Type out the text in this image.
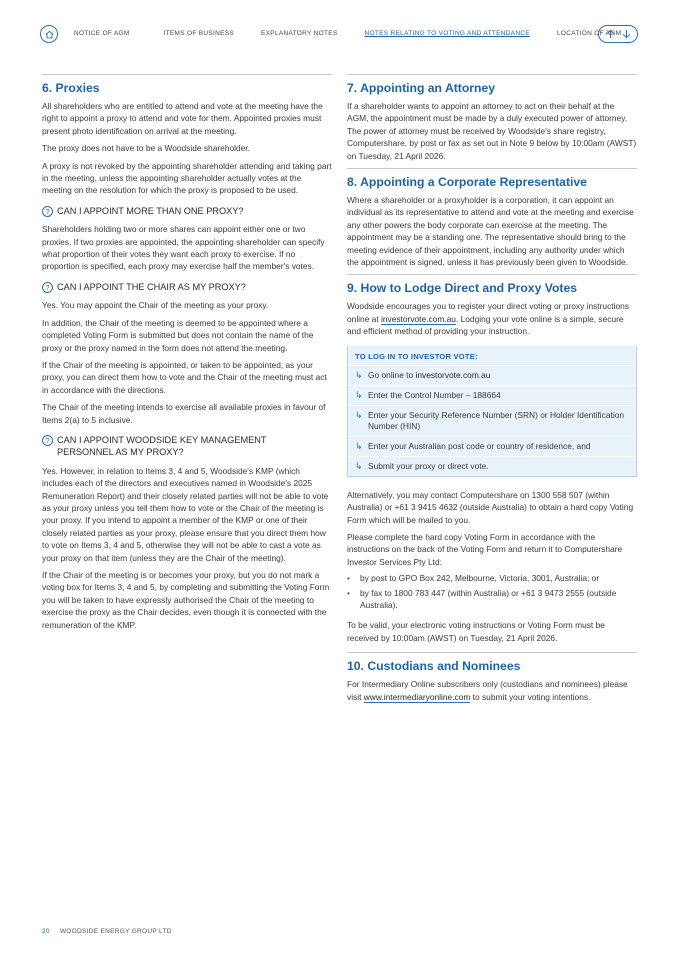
NOTICE OF AGM	ITEMS OF BUSINESS	EXPLANATORY NOTES	NOTES RELATING TO VOTING AND ATTENDANCE	LOCATION OF AGM
6. Proxies

All shareholders who are entitled to attend and vote at the meeting have the right to appoint a proxy to attend and vote for them. Appointed proxies must present photo identification on arrival at the meeting.

The proxy does not have to be a Woodside shareholder.

A proxy is not revoked by the appointing shareholder attending and taking part in the meeting, unless the appointing shareholder actually votes at the meeting on the resolution for which the proxy is proposed to be used.

? CAN I APPOINT MORE THAN ONE PROXY?

Shareholders holding two or more shares can appoint either one or two proxies. If two proxies are appointed, the appointing shareholder can specify what proportion of their votes they want each proxy to exercise. If no proportion is specified, each proxy may exercise half the member's votes.

? CAN I APPOINT THE CHAIR AS MY PROXY?

Yes. You may appoint the Chair of the meeting as your proxy.

In addition, the Chair of the meeting is deemed to be appointed where a completed Voting Form is submitted but does not contain the name of the proxy or the proxy named in the form does not attend the meeting.

If the Chair of the meeting is appointed, or taken to be appointed, as your proxy, you can direct them how to vote and the Chair of the meeting must act in accordance with the directions.

The Chair of the meeting intends to exercise all available proxies in favour of Items 2(a) to 5 inclusive.

? CAN I APPOINT WOODSIDE KEY MANAGEMENT
PERSONNEL AS MY PROXY?

Yes. However, in relation to Items 3, 4 and 5, Woodside's KMP (which includes each of the directors and executives named in Woodside's 2025 Remuneration Report) and their closely related parties will not be able to vote as your proxy unless you tell them how to vote or the Chair of the meeting is your proxy. If you intend to appoint a member of the KMP or one of their closely related parties as your proxy, please ensure that you direct them how to vote on Items 3, 4 and 5, otherwise they will not be able to cast a vote as your proxy on that item (unless they are the Chair of the meeting).

If the Chair of the meeting is or becomes your proxy, but you do not mark a voting box for Items 3, 4 and 5, by completing and submitting the Voting Form you will be taken to have expressly authorised the Chair of the meeting to exercise the proxy as the Chair decides, even though it is connected with the remuneration of the KMP.

7. Appointing an Attorney

If a shareholder wants to appoint an attorney to act on their behalf at the AGM, the appointment must be made by a duly executed power of attorney. The power of attorney must be received by Woodside's share registry, Computershare, by post or fax as set out in Note 9 below by 10:00am (AWST) on Tuesday, 21 April 2026.

8. Appointing a Corporate Representative

Where a shareholder or a proxyholder is a corporation, it can appoint an individual as its representative to attend and vote at the meeting and exercise any other powers the body corporate can exercise at the meeting. The appointment may be a standing one. The representative should bring to the meeting evidence of their appointment, including any authority under which the appointment is signed, unless it has previously been given to Woodside.

9. How to Lodge Direct and Proxy Votes

Woodside encourages you to register your direct voting or proxy instructions online at investorvote.com.au. Lodging your vote online is a simple, secure and efficient method of providing your instruction.

TO LOG IN TO INVESTOR VOTE:
↳ Go online to investorvote.com.au
↳ Enter the Control Number – 188664
↳ Enter your Security Reference Number (SRN) or Holder Identification Number (HIN)
↳ Enter your Australian post code or country of residence, and
↳ Submit your proxy or direct vote.

Alternatively, you may contact Computershare on 1300 558 507 (within Australia) or +61 3 9415 4632 (outside Australia) to obtain a hard copy Voting Form which will be mailed to you.

Please complete the hard copy Voting Form in accordance with the instructions on the back of the Voting Form and return it to Computershare Investor Services Pty Ltd:

•	by post to GPO Box 242, Melbourne, Victoria, 3001, Australia; or
•	by fax to 1800 783 447 (within Australia) or +61 3 9473 2555 (outside Australia).

To be valid, your electronic voting instructions or Voting Form must be received by 10:00am (AWST) on Tuesday, 21 April 2026.

10. Custodians and Nominees

For Intermediary Online subscribers only (custodians and nominees) please visit www.intermediaryonline.com to submit your voting intentions.

20 WOODSIDE ENERGY GROUP LTD
